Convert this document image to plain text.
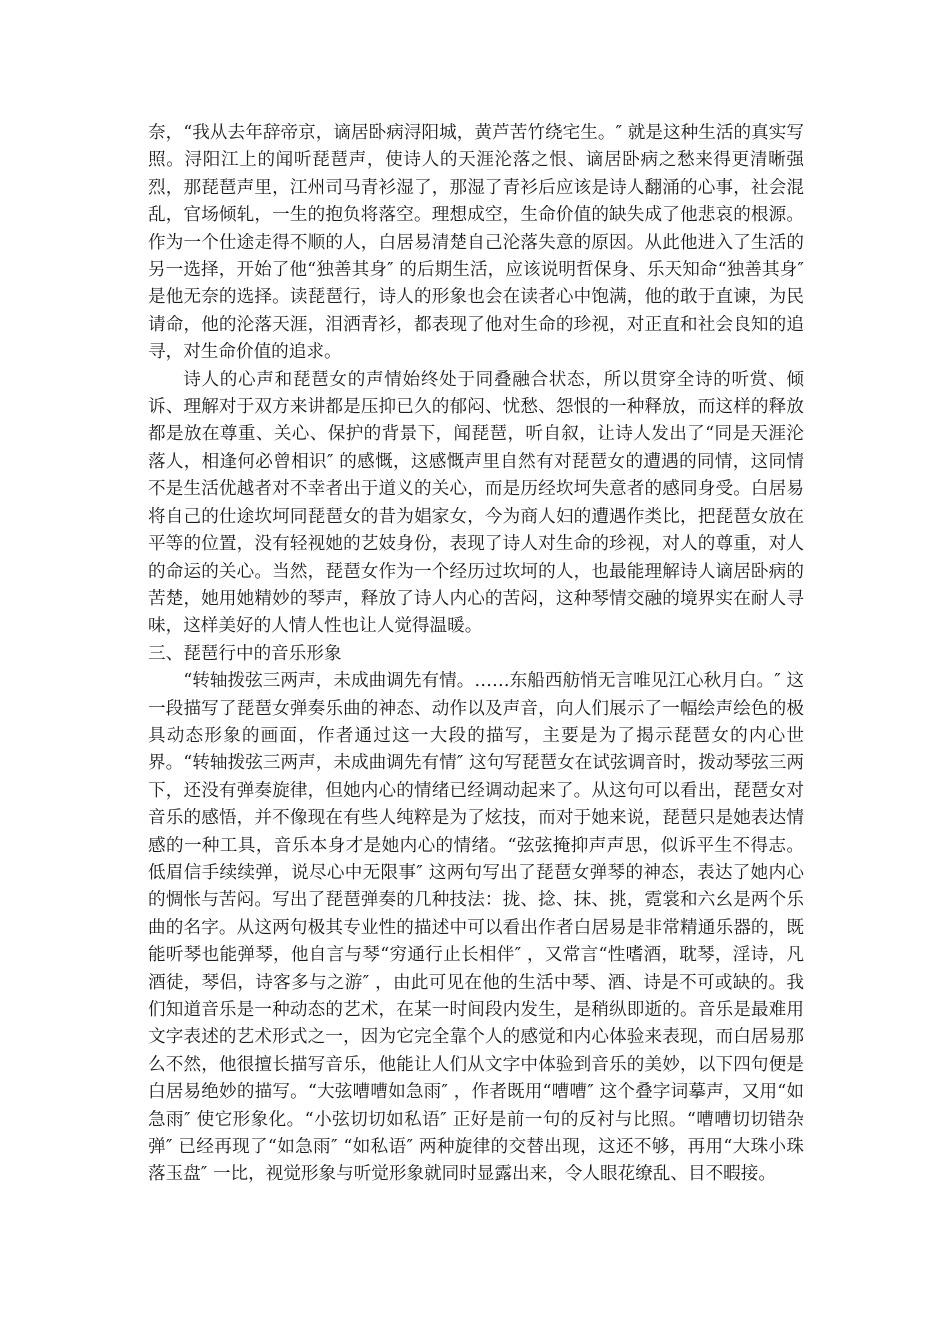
奈，“我从去年辞帝京，谪居卧病浔阳城，黄芦苦竹绕宅生。″ 就是这种生活的真实写照。浔阳江上的闻听琵琶声，使诗人的天涯沦落之恨、谪居卧病之愁来得更清晰强烈，那琵琶声里，江州司马青衫湿了，那湿了青衫后应该是诗人翻涌的心事，社会混乱，官场倾轧，一生的抱负将落空。理想成空，生命价值的缺失成了他悲哀的根源。作为一个仕途走得不顺的人，白居易清楚自己沦落失意的原因。从此他进入了生活的另一选择，开始了他“独善其身″ 的后期生活，应该说明哲保身、乐天知命“独善其身″ 是他无奈的选择。读琵琶行，诗人的形象也会在读者心中饱满，他的敢于直谏，为民请命，他的沦落天涯，泪洒青衫，都表现了他对生命的珍视，对正直和社会良知的追寻，对生命价值的追求。

诗人的心声和琵琶女的声情始终处于同叠融合状态，所以贯穿全诗的听赏、倾诉、理解对于双方来讲都是压抑已久的郁闷、忧愁、怨恨的一种释放，而这样的释放都是放在尊重、关心、保护的背景下，闻琵琶，听自叙，让诗人发出了“同是天涯沦落人，相逢何必曾相识″ 的感慨，这感慨声里自然有对琵琶女的遭遇的同情，这同情不是生活优越者对不幸者出于道义的关心，而是历经坎坷失意者的感同身受。白居易将自己的仕途坎坷同琵琶女的昔为娼家女，今为商人妇的遭遇作类比，把琵琶女放在平等的位置，没有轻视她的艺妓身份，表现了诗人对生命的珍视，对人的尊重，对人的命运的关心。当然，琵琶女作为一个经历过坎坷的人，也最能理解诗人谪居卧病的苦楚，她用她精妙的琴声，释放了诗人内心的苦闷，这种琴情交融的境界实在耐人寻味，这样美好的人情人性也让人觉得温暖。

三、琵琶行中的音乐形象

“转轴拨弦三两声，未成曲调先有情。……东船西舫悄无言唯见江心秋月白。″ 这一段描写了琵琶女弹奏乐曲的神态、动作以及声音，向人们展示了一幅绘声绘色的极具动态形象的画面，作者通过这一大段的描写，主要是为了揭示琵琶女的内心世界。“转轴拨弦三两声，未成曲调先有情″ 这句写琵琶女在试弦调音时，拨动琴弦三两下，还没有弹奏旋律，但她内心的情绪已经调动起来了。从这句可以看出，琵琶女对音乐的感悟，并不像现在有些人纯粹是为了炫技，而对于她来说，琵琶只是她表达情感的一种工具，音乐本身才是她内心的情绪。“弦弦掩抑声声思，似诉平生不得志。低眉信手续续弹，说尽心中无限事″ 这两句写出了琵琶女弹琴的神态，表达了她内心的惆怅与苦闷。写出了琵琶弹奏的几种技法：拢、捻、抹、挑，霓裳和六幺是两个乐曲的名字。从这两句极其专业性的描述中可以看出作者白居易是非常精通乐器的，既能听琴也能弹琴，他自言与琴“穷通行止长相伴″ ，又常言“性嗜酒，耽琴，淫诗，凡酒徒，琴侣，诗客多与之游″ ，由此可见在他的生活中琴、酒、诗是不可或缺的。我们知道音乐是一种动态的艺术，在某一时间段内发生，是稍纵即逝的。音乐是最难用文字表述的艺术形式之一，因为它完全靠个人的感觉和内心体验来表现，而白居易那么不然，他很擅长描写音乐，他能让人们从文字中体验到音乐的美妙，以下四句便是白居易绝妙的描写。“大弦嘈嘈如急雨″ ，作者既用“嘈嘈″ 这个叠字词摹声，又用“如急雨″ 使它形象化。“小弦切切如私语″ 正好是前一句的反衬与比照。“嘈嘈切切错杂弹″ 已经再现了“如急雨″ “如私语″ 两种旋律的交替出现，这还不够，再用“大珠小珠落玉盘″ 一比，视觉形象与听觉形象就同时显露出来，令人眼花缭乱、目不暇接。
